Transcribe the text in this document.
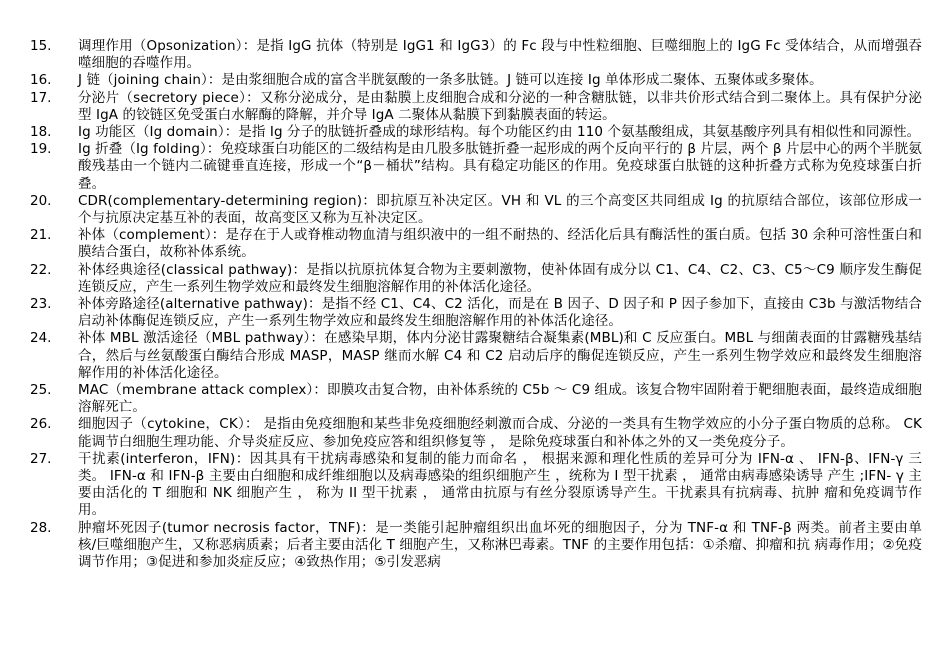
15.	调理作用（Opsonization）：是指 IgG 抗体（特别是 IgG1 和 IgG3）的 Fc 段与中性粒细胞、巨噬细胞上的 IgG Fc 受体结合，从而增强吞噬细胞的吞噬作用。
16.	J 链（joining chain）：是由浆细胞合成的富含半胱氨酸的一条多肽链。J 链可以连接 Ig 单体形成二聚体、五聚体或多聚体。
17.	分泌片（secretory piece）：又称分泌成分，是由黏膜上皮细胞合成和分泌的一种含糖肽链，以非共价形式结合到二聚体上。具有保护分泌型 IgA 的铰链区免受蛋白水解酶的降解，并介导 IgA 二聚体从黏膜下到黏膜表面的转运。
18.	Ig 功能区（Ig domain）：是指 Ig 分子的肽链折叠成的球形结构。每个功能区约由 110 个氨基酸组成，其氨基酸序列具有相似性和同源性。
19.	Ig 折叠（Ig folding）：免疫球蛋白功能区的二级结构是由几股多肽链折叠一起形成的两个反向平行的 β 片层，两个 β 片层中心的两个半胱氨酸残基由一个链内二硫键垂直连接，形成一个“β－桶状”结构。具有稳定功能区的作用。免疫球蛋白肽链的这种折叠方式称为免疫球蛋白折叠。
20.	CDR(complementary-determining region)：即抗原互补决定区。VH 和 VL 的三个高变区共同组成 Ig 的抗原结合部位，该部位形成一个与抗原决定基互补的表面，故高变区又称为互补决定区。
21.	补体（complement）：是存在于人或脊椎动物血清与组织液中的一组不耐热的、经活化后具有酶活性的蛋白质。包括 30 余种可溶性蛋白和膜结合蛋白，故称补体系统。
22.	补体经典途径(classical pathway)：是指以抗原抗体复合物为主要刺激物，使补体固有成分以 C1、C4、C2、C3、C5～C9 顺序发生酶促连锁反应，产生一系列生物学效应和最终发生细胞溶解作用的补体活化途径。
23.	补体旁路途径(alternative pathway)：是指不经 C1、C4、C2 活化，而是在 B 因子、D 因子和 P 因子参加下，直接由 C3b 与激活物结合启动补体酶促连锁反应，产生一系列生物学效应和最终发生细胞溶解作用的补体活化途径。
24.	补体 MBL 激活途径（MBL pathway）：在感染早期，体内分泌甘露聚糖结合凝集素(MBL)和 C 反应蛋白。MBL 与细菌表面的甘露糖残基结合，然后与丝氨酸蛋白酶结合形成 MASP，MASP 继而水解 C4 和 C2 启动后序的酶促连锁反应，产生一系列生物学效应和最终发生细胞溶解作用的补体活化途径。
25.	MAC（membrane attack complex）：即膜攻击复合物，由补体系统的 C5b ～ C9 组成。该复合物牢固附着于靶细胞表面，最终造成细胞溶解死亡。
26.	细胞因子（cytokine，CK）： 是指由免疫细胞和某些非免疫细胞经刺激而合成、分泌的一类具有生物学效应的小分子蛋白物质的总称。 CK 能调节白细胞生理功能、介导炎症反应、参加免疫应答和组织修复等 ， 是除免疫球蛋白和补体之外的又一类免疫分子。
27.	干扰素(interferon，IFN)：因其具有干扰病毒感染和复制的能力而命名 ， 根据来源和理化性质的差异可分为 IFN-α 、 IFN-β、IFN-γ 三类。 IFN-α 和 IFN-β 主要由白细胞和成纤维细胞以及病毒感染的组织细胞产生 ，统称为 I 型干扰素 ， 通常由病毒感染诱导 产生 ;IFN- γ 主要由活化的 T 细胞和 NK 细胞产生 ， 称为 II 型干扰素 ， 通常由抗原与有丝分裂原诱导产生。干扰素具有抗病毒、抗肿 瘤和免疫调节作用。
28.	肿瘤坏死因子(tumor necrosis factor，TNF)：是一类能引起肿瘤组织出血坏死的细胞因子，分为 TNF-α 和 TNF-β 两类。前者主要由单核/巨噬细胞产生，又称恶病质素；后者主要由活化 T 细胞产生，又称淋巴毒素。TNF 的主要作用包括：①杀瘤、抑瘤和抗 病毒作用；②免疫调节作用；③促进和参加炎症反应；④致热作用；⑤引发恶病
